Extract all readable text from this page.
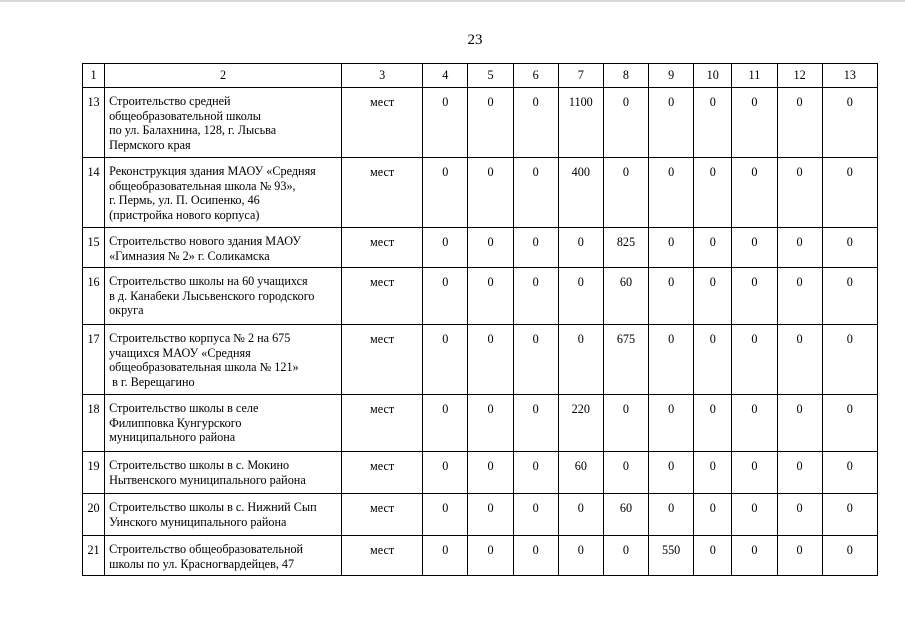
23
1	2	3	4	5	6	7	8	9	10	11	12	13
13	Строительство средней
общеобразовательной школы
по ул. Балахнина, 128, г. Лысьва
Пермского края	мест	0	0	0	1100	0	0	0	0	0	0
14	Реконструкция здания МАОУ «Средняя
общеобразовательная школа № 93»,
г. Пермь, ул. П. Осипенко, 46
(пристройка нового корпуса)	мест	0	0	0	400	0	0	0	0	0	0
15	Строительство нового здания МАОУ
«Гимназия № 2» г. Соликамска	мест	0	0	0	0	825	0	0	0	0	0
16	Строительство школы на 60 учащихся
в д. Канабеки Лысьвенского городского
округа	мест	0	0	0	0	60	0	0	0	0	0
17	Строительство корпуса № 2 на 675
учащихся МАОУ «Средняя
общеобразовательная школа № 121»
в г. Верещагино	мест	0	0	0	0	675	0	0	0	0	0
18	Строительство школы в селе
Филипповка Кунгурского
муниципального района	мест	0	0	0	220	0	0	0	0	0	0
19	Строительство школы в с. Мокино
Нытвенского муниципального района	мест	0	0	0	60	0	0	0	0	0	0
20	Строительство школы в с. Нижний Сып
Уинского муниципального района	мест	0	0	0	0	60	0	0	0	0	0
21	Строительство общеобразовательной
школы по ул. Красногвардейцев, 47	мест	0	0	0	0	0	550	0	0	0	0
